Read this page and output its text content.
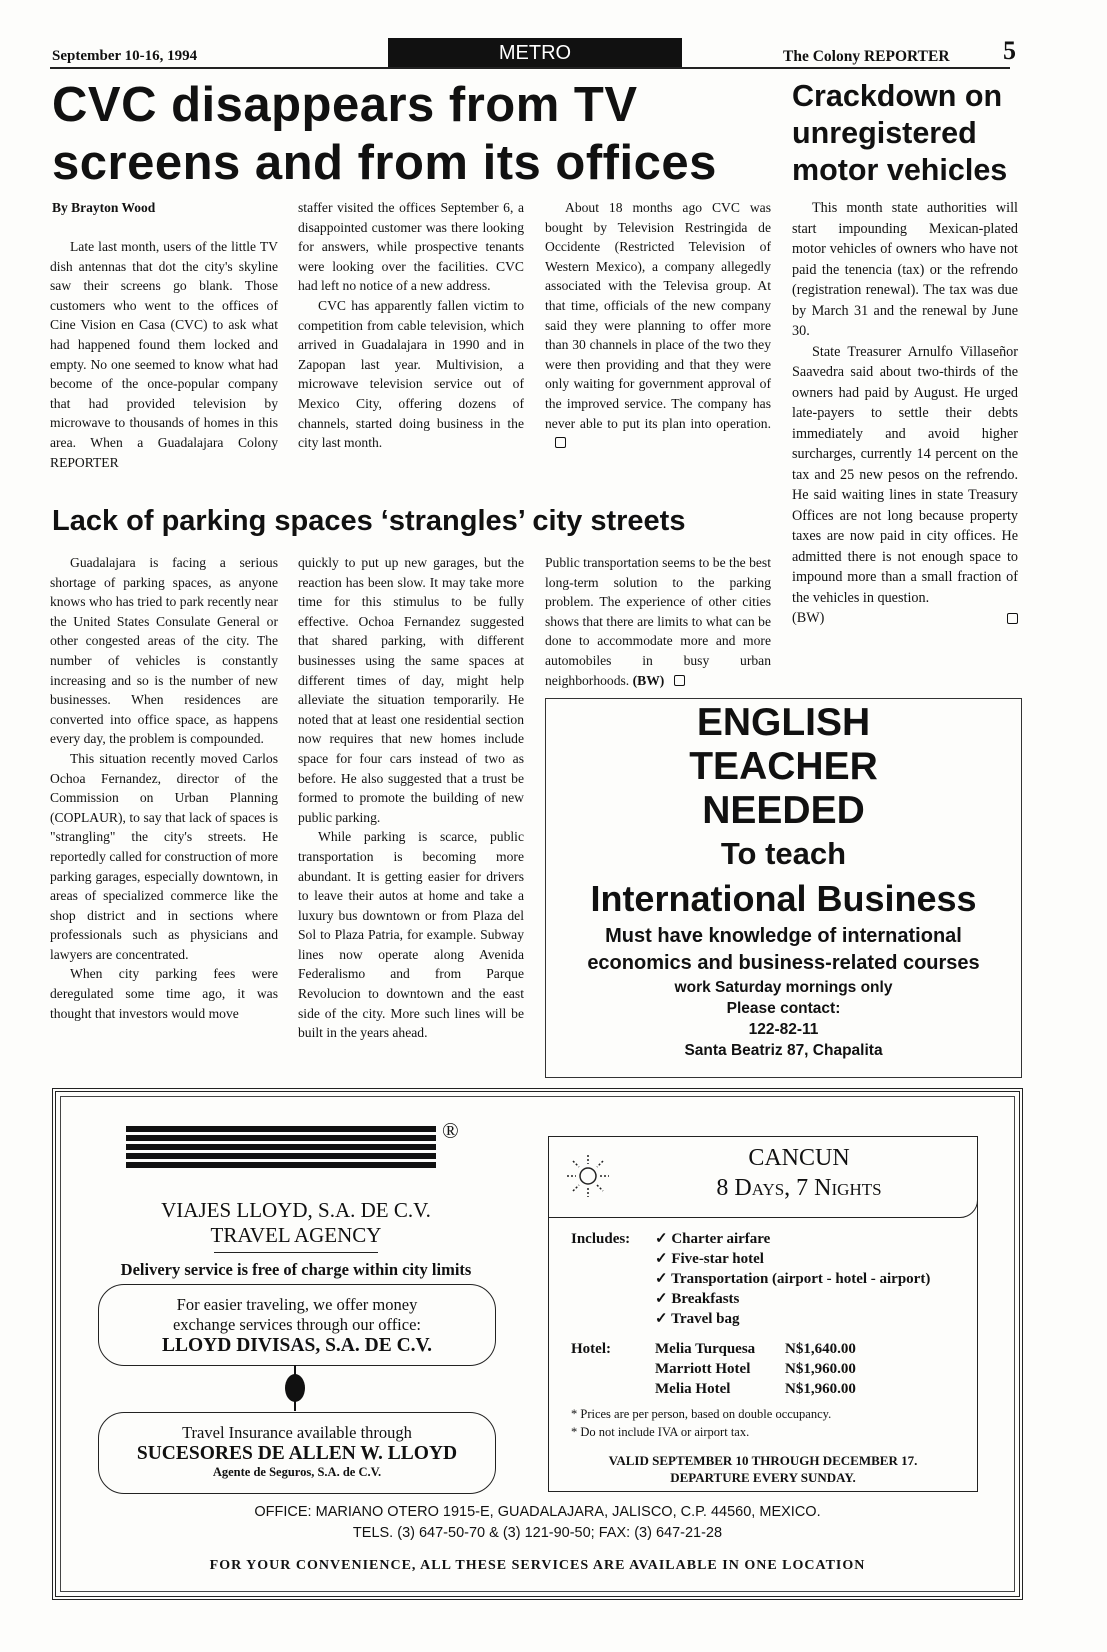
September 10-16, 1994	METRO	The Colony REPORTER 5
CVC disappears from TV
screens and from its offices
By Brayton Wood

Late last month, users of the little TV dish antennas that dot the city's skyline saw their screens go blank. Those customers who went to the offices of Cine Vision en Casa (CVC) to ask what had happened found them locked and empty. No one seemed to know what had become of the once-popular company that had provided television by microwave to thousands of homes in this area. When a Guadalajara Colony REPORTER

staffer visited the offices September 6, a disappointed customer was there looking for answers, while prospective tenants were looking over the facilities. CVC had left no notice of a new address.

CVC has apparently fallen victim to competition from cable television, which arrived in Guadalajara in 1990 and in Zapopan last year. Multivision, a microwave television service out of Mexico City, offering dozens of channels, started doing business in the city last month.

About 18 months ago CVC was bought by Television Restringida de Occidente (Restricted Television of Western Mexico), a company allegedly associated with the Televisa group. At that time, officials of the new company said they were planning to offer more than 30 channels in place of the two they were then providing and that they were only waiting for government approval of the improved service. The company has never able to put its plan into operation.

Crackdown on
unregistered
motor vehicles

This month state authorities will start impounding Mexican-plated motor vehicles of owners who have not paid the tenencia (tax) or the refrendo (registration renewal). The tax was due by March 31 and the renewal by June 30.

State Treasurer Arnulfo Villaseñor Saavedra said about two-thirds of the owners had paid by August. He urged late-payers to settle their debts immediately and avoid higher surcharges, currently 14 percent on the tax and 25 new pesos on the refrendo. He said waiting lines in state Treasury Offices are not long because property taxes are now paid in city offices. He admitted there is not enough space to impound more than a small fraction of the vehicles in question.

(BW)

Lack of parking spaces ‘strangles’ city streets

Guadalajara is facing a serious shortage of parking spaces, as anyone knows who has tried to park recently near the United States Consulate General or other congested areas of the city. The number of vehicles is constantly increasing and so is the number of new businesses. When residences are converted into office space, as happens every day, the problem is compounded.

This situation recently moved Carlos Ochoa Fernandez, director of the Commission on Urban Planning (COPLAUR), to say that lack of spaces is "strangling" the city's streets. He reportedly called for construction of more parking garages, especially downtown, in areas of specialized commerce like the shop district and in sections where professionals such as physicians and lawyers are concentrated.

When city parking fees were deregulated some time ago, it was thought that investors would move

quickly to put up new garages, but the reaction has been slow. It may take more time for this stimulus to be fully effective. Ochoa Fernandez suggested that shared parking, with different businesses using the same spaces at different times of day, might help alleviate the situation temporarily. He noted that at least one residential section now requires that new homes include space for four cars instead of two as before. He also suggested that a trust be formed to promote the building of new public parking.

While parking is scarce, public transportation is becoming more abundant. It is getting easier for drivers to leave their autos at home and take a luxury bus downtown or from Plaza del Sol to Plaza Patria, for example. Subway lines now operate along Avenida Federalismo and from Parque Revolucion to downtown and the east side of the city. More such lines will be built in the years ahead.

Public transportation seems to be the best long-term solution to the parking problem. The experience of other cities shows that there are limits to what can be done to accommodate more and more automobiles in busy urban neighborhoods. (BW)

ENGLISH
TEACHER
NEEDED
To teach
International Business
Must have knowledge of international
economics and business-related courses
work Saturday mornings only
Please contact:
122-82-11
Santa Beatriz 87, Chapalita
®
VIAJES LLOYD, S.A. DE C.V.
TRAVEL AGENCY
Delivery service is free of charge within city limits
For easier traveling, we offer money
exchange services through our office:
LLOYD DIVISAS, S.A. DE C.V.
Travel Insurance available through
SUCESORES DE ALLEN W. LLOYD
Agente de Seguros, S.A. de C.V.
CANCUN
8 Days, 7 Nights
Includes: ✓ Charter airfare
✓ Five-star hotel
✓ Transportation (airport - hotel - airport)
✓ Breakfasts
✓ Travel bag
Hotel:	Melia Turquesa N$1,640.00
Marriott Hotel N$1,960.00
Melia Hotel	N$1,960.00
* Prices are per person, based on double occupancy.
* Do not include IVA or airport tax.
VALID SEPTEMBER 10 THROUGH DECEMBER 17.
DEPARTURE EVERY SUNDAY.
OFFICE: MARIANO OTERO 1915-E, GUADALAJARA, JALISCO, C.P. 44560, MEXICO.
TELS. (3) 647-50-70 & (3) 121-90-50; FAX: (3) 647-21-28
FOR YOUR CONVENIENCE, ALL THESE SERVICES ARE AVAILABLE IN ONE LOCATION
